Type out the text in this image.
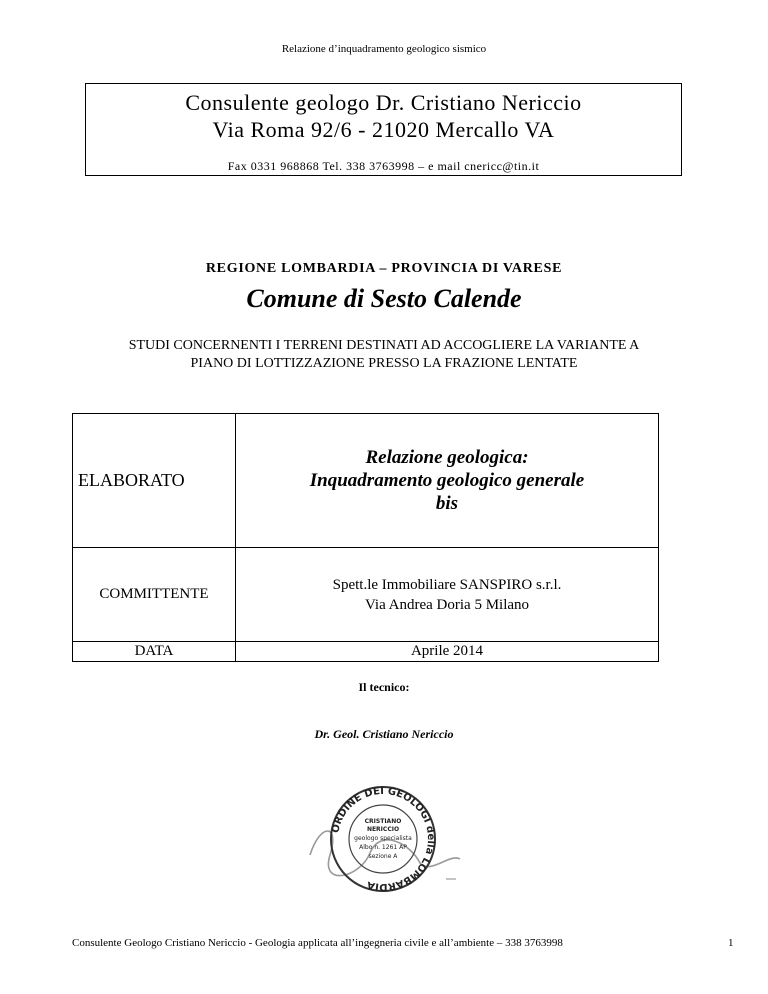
Relazione d’inquadramento geologico sismico
Consulente geologo Dr. Cristiano Nericcio
Via Roma 92/6 - 21020 Mercallo VA
Fax 0331 968868 Tel. 338 3763998 – e mail cnericc@tin.it
REGIONE LOMBARDIA – PROVINCIA DI VARESE
Comune di Sesto Calende
STUDI CONCERNENTI I TERRENI DESTINATI AD ACCOGLIERE LA VARIANTE A
PIANO DI LOTTIZZAZIONE PRESSO LA FRAZIONE LENTATE
ELABORATO	Relazione geologica:
Inquadramento geologico generale
bis

COMMITTENTE	Spett.le Immobiliare SANSPIRO s.r.l.
Via Andrea Doria 5 Milano

DATA	Aprile 2014
Il tecnico:
Dr. Geol. Cristiano Nericcio
ORDINE DEI GEOLOGI della LOMBARDIA
CRISTIANO
NERICCIO
geologo specialista
Albo n. 1261 AP
sezione A
Consulente Geologo Cristiano Nericcio - Geologia applicata all’ingegneria civile e all’ambiente – 338 3763998	1
